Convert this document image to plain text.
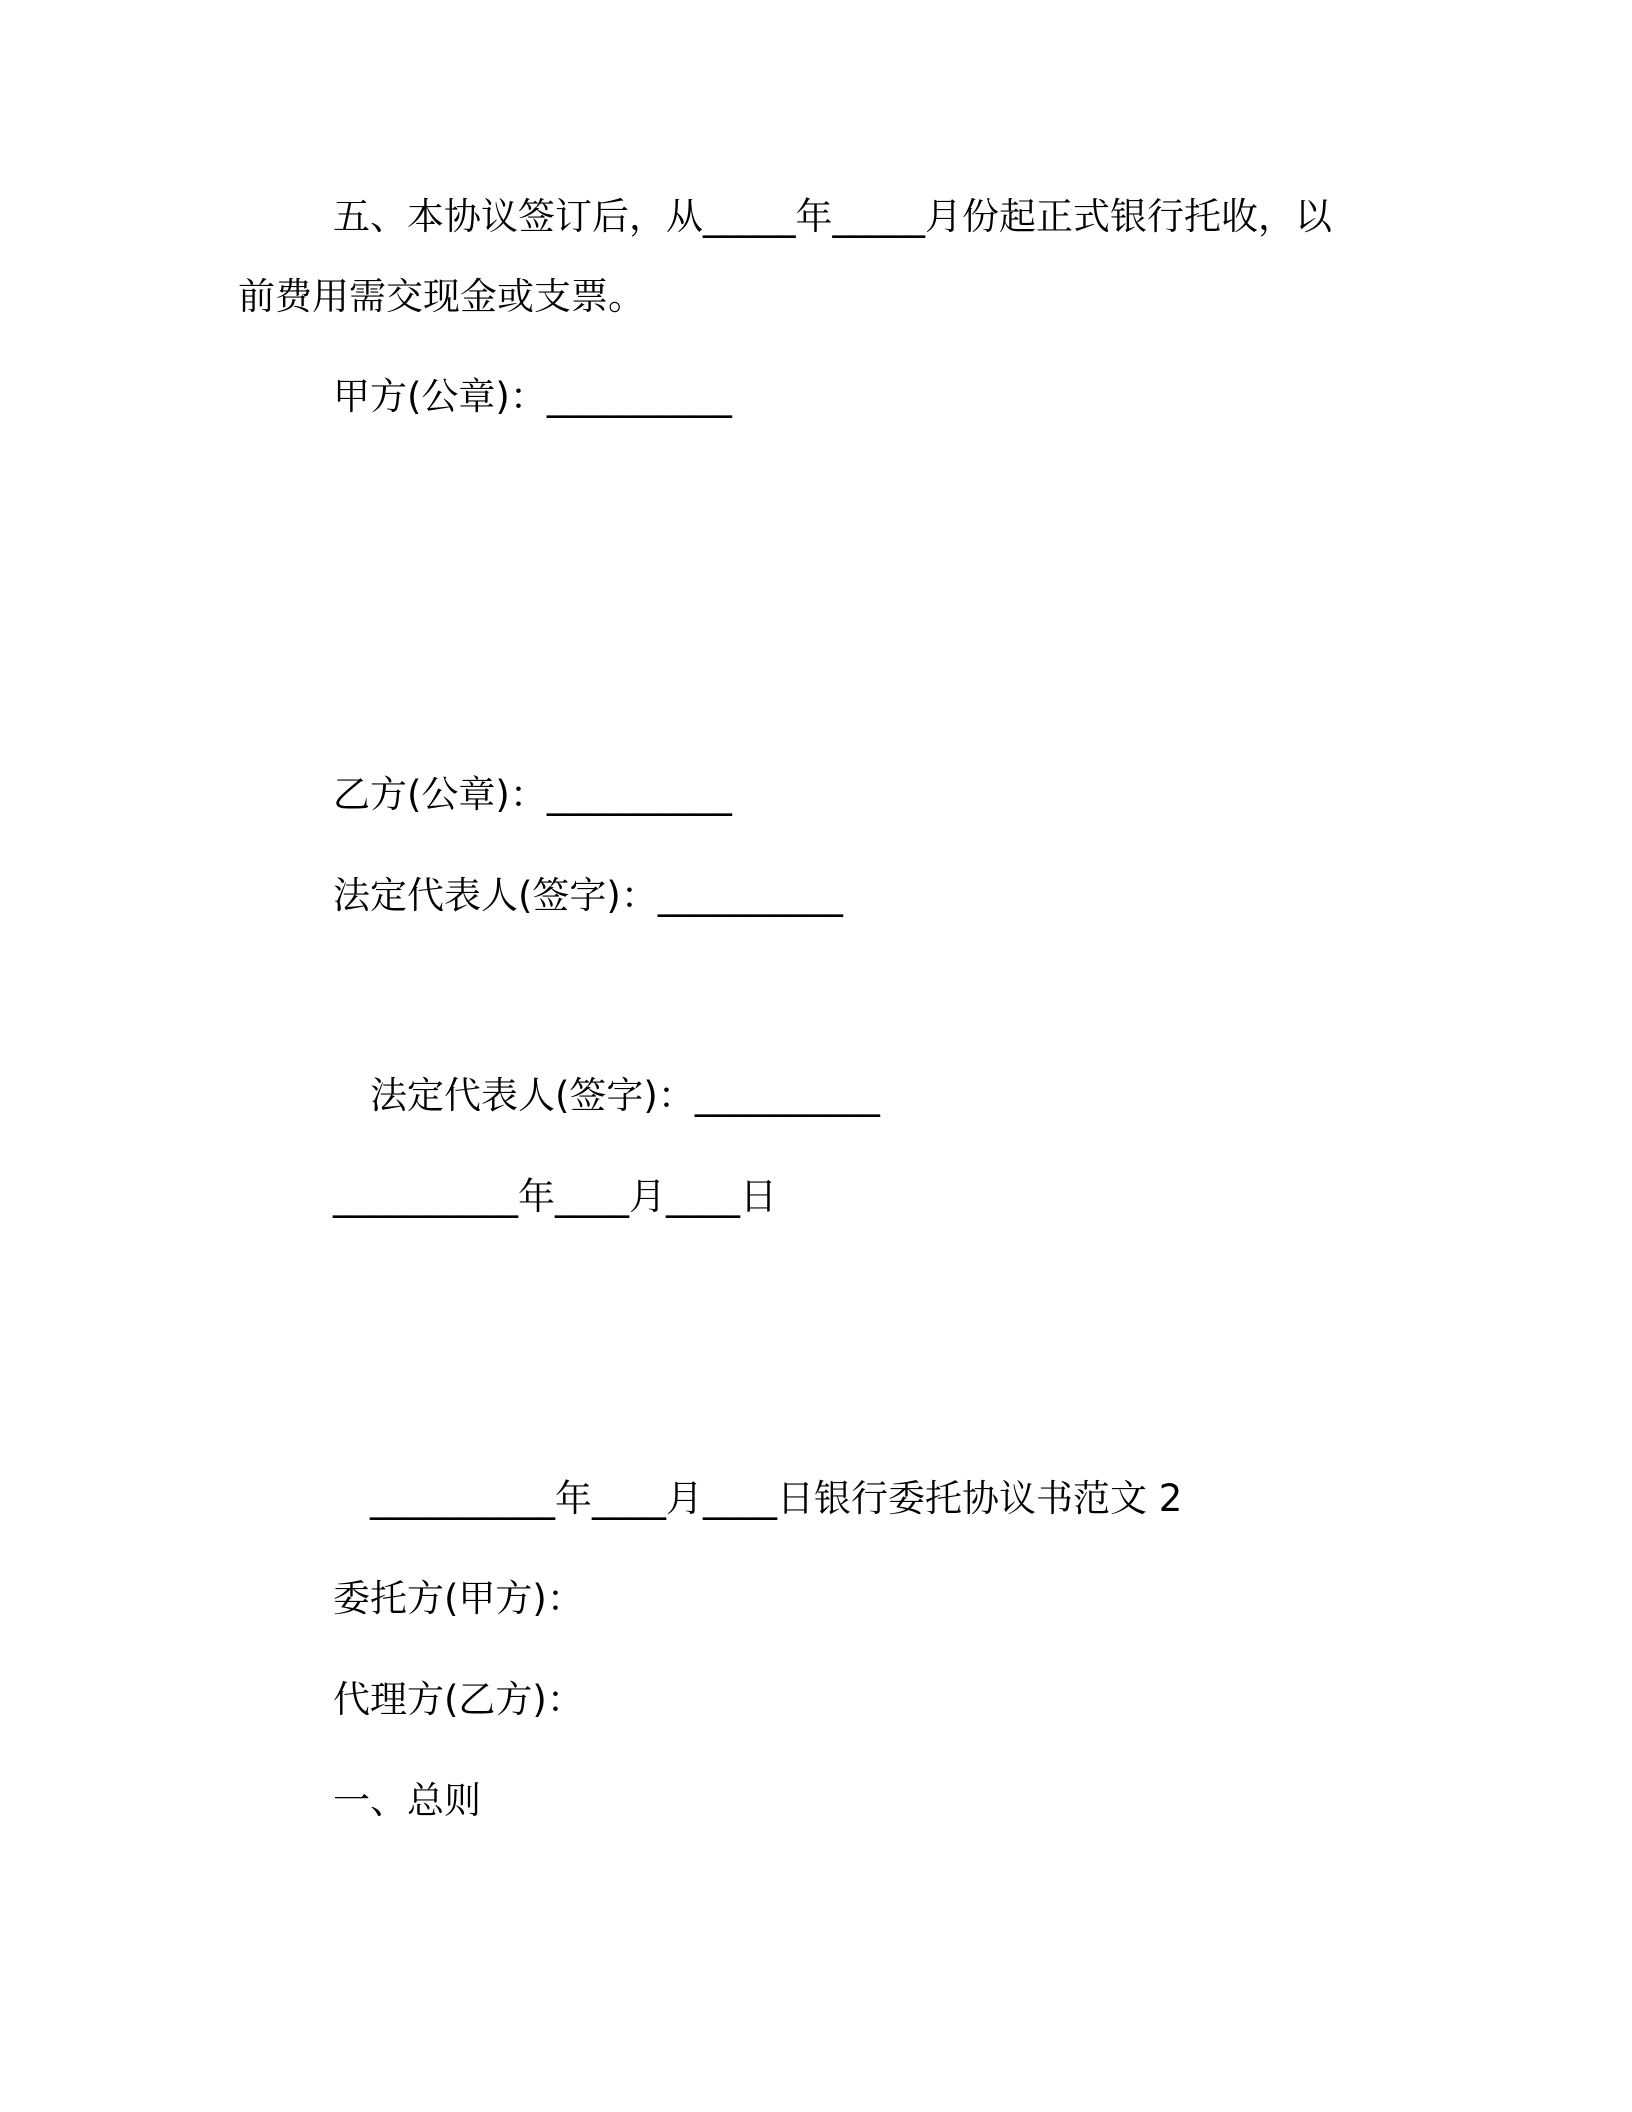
五、本协议签订后，从_____年_____月份起正式银行托收，以
前费用需交现金或支票。
甲方(公章)：__________
乙方(公章)：__________
法定代表人(签字)：__________
法定代表人(签字)：__________
__________年____月____日
__________年____月____日银行委托协议书范文 2
委托方(甲方)：
代理方(乙方)：
一、总则
